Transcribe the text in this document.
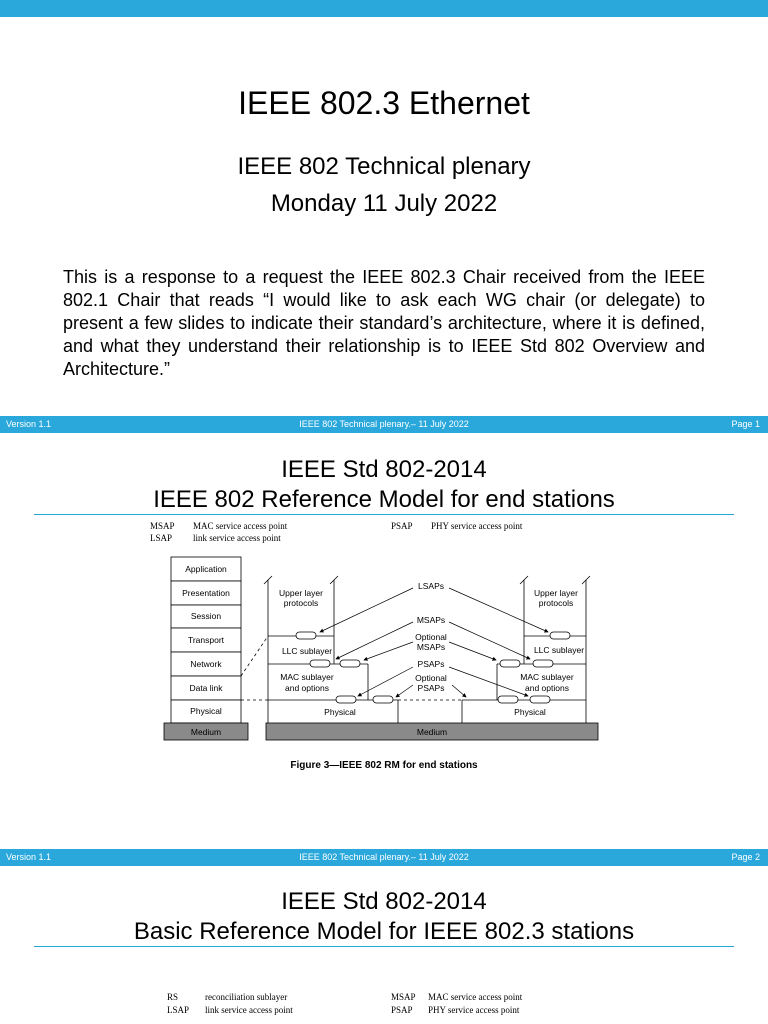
IEEE 802.3 Ethernet
IEEE 802 Technical plenary
Monday 11 July 2022
This is a response to a request the IEEE 802.3 Chair received from the IEEE 802.1 Chair that reads “I would like to ask each WG chair (or delegate) to present a few slides to indicate their standard’s architecture, where it is defined, and what they understand their relationship is to IEEE Std 802 Overview and Architecture.”
IEEE 802 Technical plenary.– 11 July 2022
Version 1.1	Page 1
IEEE Std 802-2014
IEEE 802 Reference Model for end stations
MSAP MAC service access point
LSAP link service access point
PSAP PHY service access point
Application
Presentation
Session
Transport
Network
Data link
Physical
Medium	Medium
Upper layer
protocols
LLC sublayer
MAC sublayer
and options
Physical
Upper layer
protocols
LLC sublayer
MAC sublayer
and options
Physical
LSAPs
MSAPs
Optional
MSAPs
PSAPs
Optional
PSAPs
Figure 3—IEEE 802 RM for end stations
IEEE 802 Technical plenary.– 11 July 2022
Version 1.1	Page 2
IEEE Std 802-2014
Basic Reference Model for IEEE 802.3 stations
RS	reconciliation sublayer
LSAP link service access point
MSAP MAC service access point
PSAP PHY service access point
